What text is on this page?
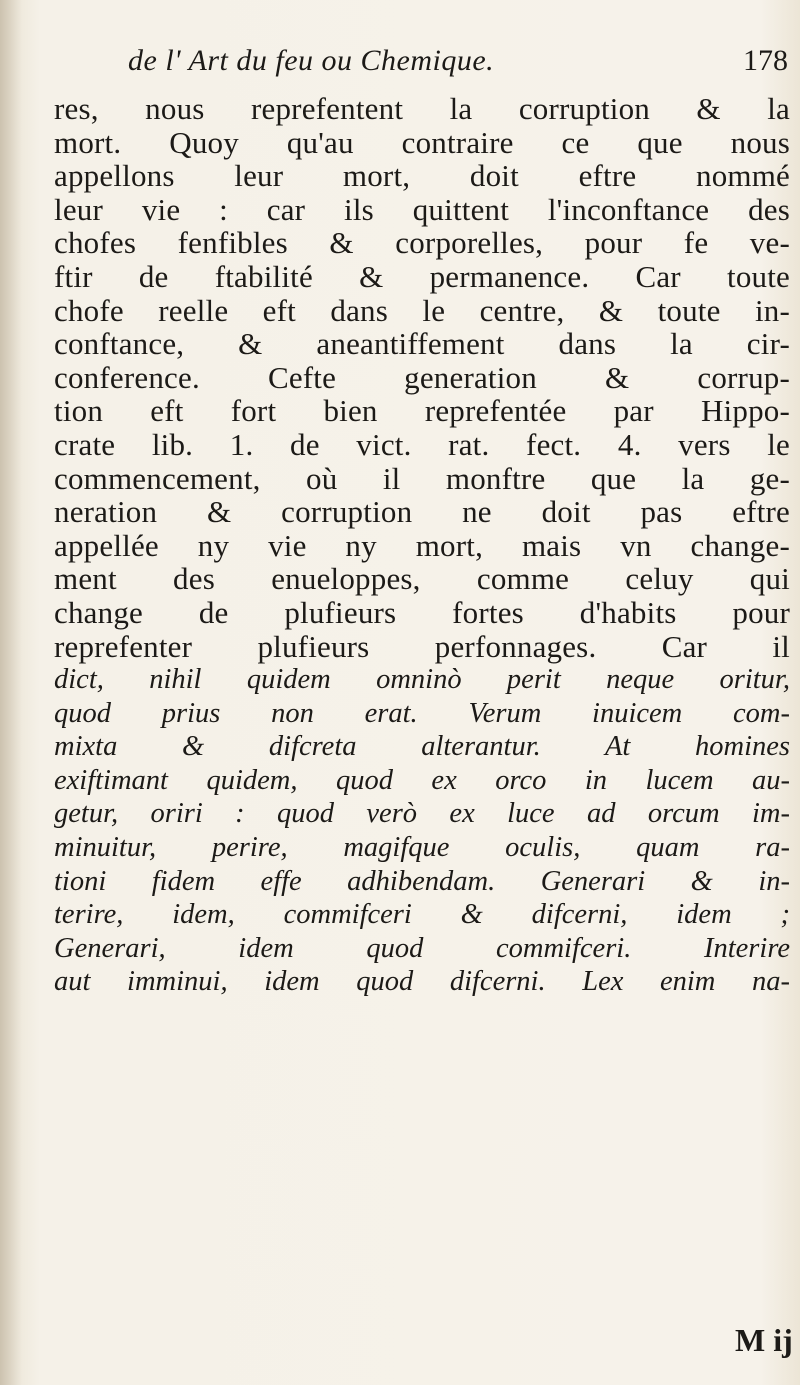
de l' Art du feu ou Chemique.	178
res, nous reprefentent la corruption & la
mort. Quoy qu'au contraire ce que nous
appellons leur mort, doit eftre nommé
leur vie : car ils quittent l'inconftance des
chofes fenfibles & corporelles, pour fe ve-
ftir de ftabilité & permanence. Car toute
chofe reelle eft dans le centre, & toute in-
conftance, & aneantiffement dans la cir-
conference. Cefte generation & corrup-
tion eft fort bien reprefentée par Hippo-
crate lib. 1. de vict. rat. fect. 4. vers le
commencement, où il monftre que la ge-
neration & corruption ne doit pas eftre
appellée ny vie ny mort, mais vn change-
ment des enueloppes, comme celuy qui
change de plufieurs fortes d'habits pour
reprefenter plufieurs perfonnages. Car il
dict, nihil quidem omninò perit neque oritur,
quod prius non erat. Verum inuicem com-
mixta & difcreta alterantur. At homines
exiftimant quidem, quod ex orco in lucem au-
getur, oriri : quod verò ex luce ad orcum im-
minuitur, perire, magifque oculis, quam ra-
tioni fidem effe adhibendam. Generari & in-
terire, idem, commifceri & difcerni, idem ;
Generari, idem quod commifceri. Interire
aut imminui, idem quod difcerni. Lex enim na-
M ij
